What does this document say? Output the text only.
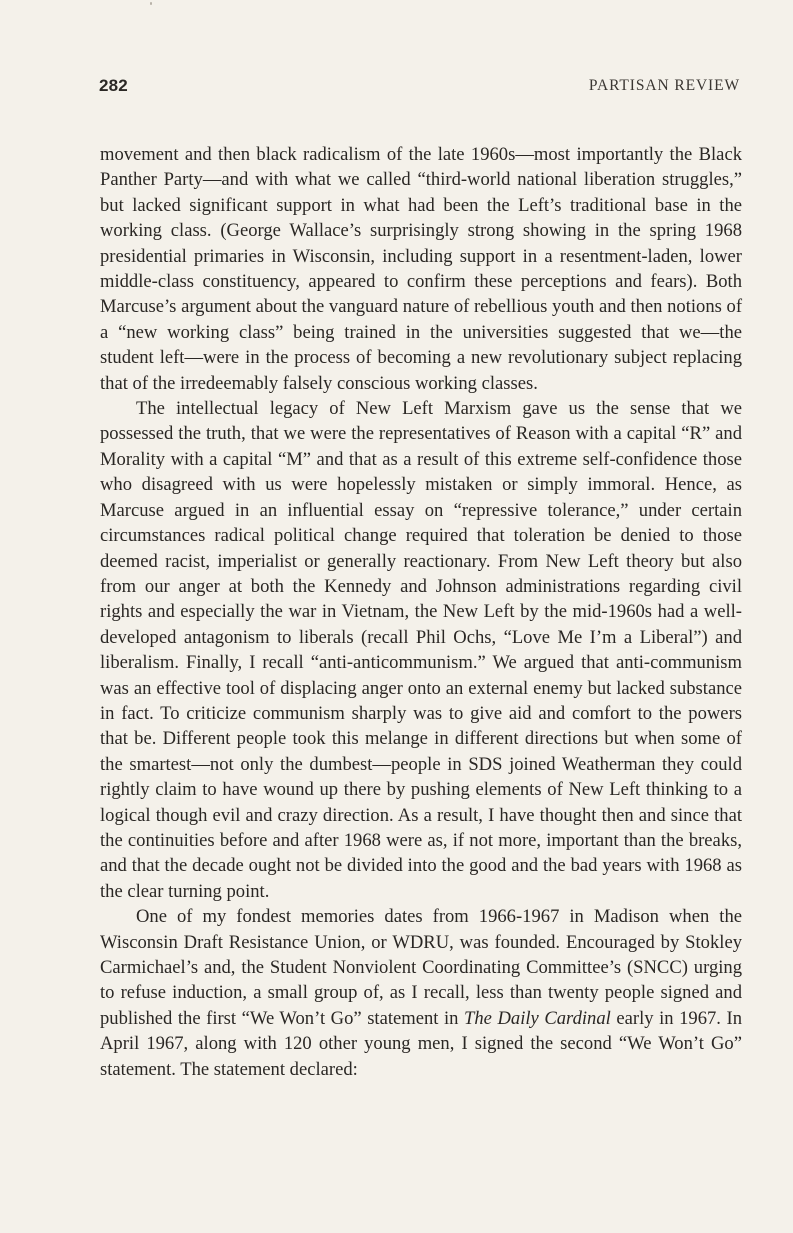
282	PARTISAN REVIEW

movement and then black radicalism of the late 1960s—most importantly the Black Panther Party—and with what we called “third-world national liberation struggles,” but lacked significant support in what had been the Left’s traditional base in the working class. (George Wallace’s surprisingly strong showing in the spring 1968 presidential primaries in Wisconsin, including support in a resentment-laden, lower middle-class constituency, appeared to confirm these perceptions and fears). Both Marcuse’s argument about the vanguard nature of rebellious youth and then notions of a “new working class” being trained in the universities suggested that we—the student left—were in the process of becoming a new revolutionary subject replacing that of the irredeemably falsely conscious working classes.

The intellectual legacy of New Left Marxism gave us the sense that we possessed the truth, that we were the representatives of Reason with a capital “R” and Morality with a capital “M” and that as a result of this extreme self-confidence those who disagreed with us were hopelessly mistaken or simply immoral. Hence, as Marcuse argued in an influential essay on “repressive tolerance,” under certain circumstances radical political change required that toleration be denied to those deemed racist, imperialist or generally reactionary. From New Left theory but also from our anger at both the Kennedy and Johnson administrations regarding civil rights and especially the war in Vietnam, the New Left by the mid-1960s had a well-developed antagonism to liberals (recall Phil Ochs, “Love Me I’m a Liberal”) and liberalism. Finally, I recall “anti-anticommunism.” We argued that anti-communism was an effective tool of displacing anger onto an external enemy but lacked substance in fact. To criticize communism sharply was to give aid and comfort to the powers that be. Different people took this melange in different directions but when some of the smartest—not only the dumbest—people in SDS joined Weatherman they could rightly claim to have wound up there by pushing elements of New Left thinking to a logical though evil and crazy direction. As a result, I have thought then and since that the continuities before and after 1968 were as, if not more, important than the breaks, and that the decade ought not be divided into the good and the bad years with 1968 as the clear turning point.

One of my fondest memories dates from 1966-1967 in Madison when the Wisconsin Draft Resistance Union, or WDRU, was founded. Encouraged by Stokley Carmichael’s and, the Student Nonviolent Coordinating Committee’s (SNCC) urging to refuse induction, a small group of, as I recall, less than twenty people signed and published the first “We Won’t Go” statement in The Daily Cardinal early in 1967. In April 1967, along with 120 other young men, I signed the second “We Won’t Go” statement. The statement declared:
